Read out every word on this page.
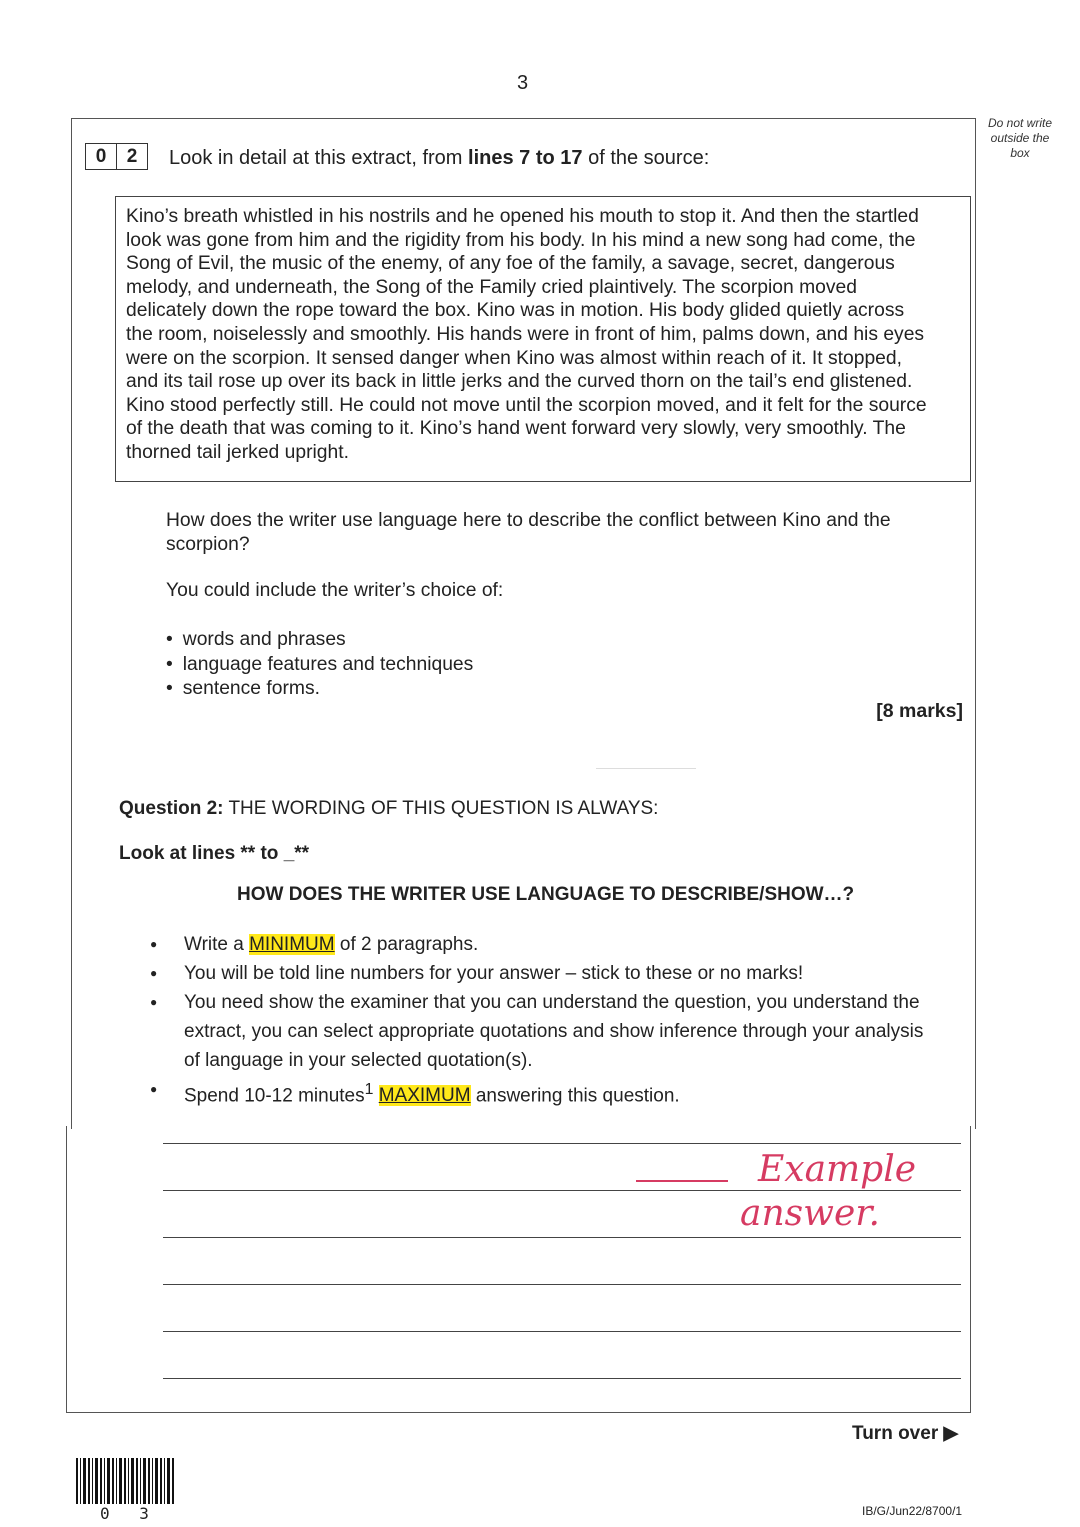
3
Do not write outside the box
0	2	Look in detail at this extract, from lines 7 to 17 of the source:
Kino’s breath whistled in his nostrils and he opened his mouth to stop it. And then the startled
look was gone from him and the rigidity from his body. In his mind a new song had come, the
Song of Evil, the music of the enemy, of any foe of the family, a savage, secret, dangerous
melody, and underneath, the Song of the Family cried plaintively. The scorpion moved
delicately down the rope toward the box. Kino was in motion. His body glided quietly across
the room, noiselessly and smoothly. His hands were in front of him, palms down, and his eyes
were on the scorpion. It sensed danger when Kino was almost within reach of it. It stopped,
and its tail rose up over its back in little jerks and the curved thorn on the tail’s end glistened.
Kino stood perfectly still. He could not move until the scorpion moved, and it felt for the source
of the death that was coming to it. Kino’s hand went forward very slowly, very smoothly. The
thorned tail jerked upright.
How does the writer use language here to describe the conflict between Kino and the scorpion?
You could include the writer’s choice of:
• words and phrases
• language features and techniques
• sentence forms.
[8 marks]
Question 2: THE WORDING OF THIS QUESTION IS ALWAYS:
Look at lines ** to _**
HOW DOES THE WRITER USE LANGUAGE TO DESCRIBE/SHOW…?
● Write a MINIMUM of 2 paragraphs.
● You will be told line numbers for your answer – stick to these or no marks!
● You need show the examiner that you can understand the question, you understand the extract, you can select appropriate quotations and show inference through your analysis of language in your selected quotation(s).
● Spend 10-12 minutes$^1$ MAXIMUM answering this question.
Example
answer.
Turn over ▶
0 3	IB/G/Jun22/8700/1
